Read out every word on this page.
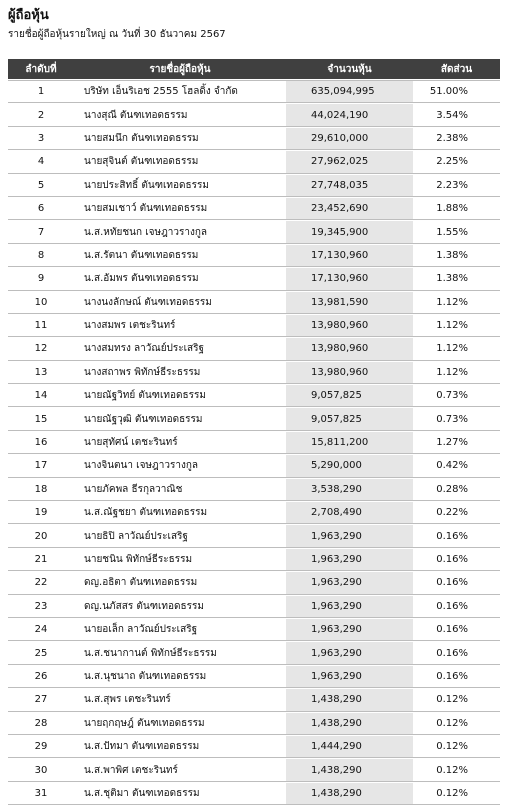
ผู้ถือหุ้น
รายชื่อผู้ถือหุ้นรายใหญ่ ณ วันที่ 30 ธันวาคม 2567
ลำดับที่	รายชื่อผู้ถือหุ้น	จำนวนหุ้น	สัดส่วน
1	บริษัท เอ็นริเอช 2555 โฮลดิ้ง จำกัด	635,094,995	51.00%
2	นางสุณี ตันฑเทอดธรรม	44,024,190	3.54%
3	นายสมนึก ตันฑเทอดธรรม	29,610,000	2.38%
4	นายสุจินต์ ตันฑเทอดธรรม	27,962,025	2.25%
5	นายประสิทธิ์ ตันฑเทอดธรรม	27,748,035	2.23%
6	นายสมเชาว์ ตันฑเทอดธรรม	23,452,690	1.88%
7	น.ส.หทัยชนก เจษฎาวรางกูล	19,345,900	1.55%
8	น.ส.รัตนา ตันฑเทอดธรรม	17,130,960	1.38%
9	น.ส.อัมพร ตันฑเทอดธรรม	17,130,960	1.38%
10	นางนงลักษณ์ ตันฑเทอดธรรม	13,981,590	1.12%
11	นางสมพร เตชะรินทร์	13,980,960	1.12%
12	นางสมทรง ลาวัณย์ประเสริฐ	13,980,960	1.12%
13	นางสถาพร พิทักษ์ธีระธรรม	13,980,960	1.12%
14	นายณัฐวิทย์ ตันฑเทอดธรรม	9,057,825	0.73%
15	นายณัฐวุฒิ ตันฑเทอดธรรม	9,057,825	0.73%
16	นายสุทัศน์ เตชะรินทร์	15,811,200	1.27%
17	นางจินตนา เจษฎาวรางกูล	5,290,000	0.42%
18	นายภัคพล ธีรกุลวาณิช	3,538,290	0.28%
19	น.ส.ณัฐชยา ตันฑเทอดธรรม	2,708,490	0.22%
20	นายธิปิ ลาวัณย์ประเสริฐ	1,963,290	0.16%
21	นายชนิน พิทักษ์ธีระธรรม	1,963,290	0.16%
22	ดญ.อธิตา ตันฑเทอดธรรม	1,963,290	0.16%
23	ดญ.นภัสสร ตันฑเทอดธรรม	1,963,290	0.16%
24	นายอเล็ก ลาวัณย์ประเสริฐ	1,963,290	0.16%
25	น.ส.ชนากานต์ พิทักษ์ธีระธรรม	1,963,290	0.16%
26	น.ส.นุชนาถ ตันฑเทอดธรรม	1,963,290	0.16%
27	น.ส.สุพร เตชะรินทร์	1,438,290	0.12%
28	นายฤกฤษฎ์ ตันฑเทอดธรรม	1,438,290	0.12%
29	น.ส.ปัทมา ตันฑเทอดธรรม	1,444,290	0.12%
30	น.ส.พาพิศ เตชะรินทร์	1,438,290	0.12%
31	น.ส.ชุติมา ตันฑเทอดธรรม	1,438,290	0.12%
